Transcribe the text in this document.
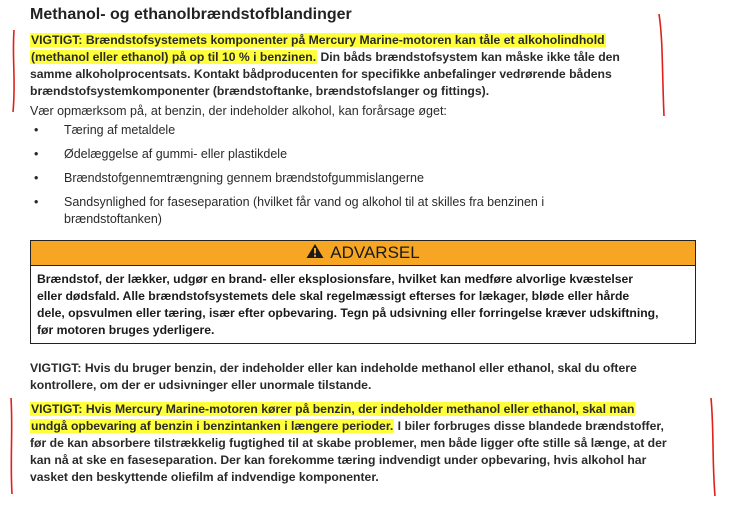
Methanol- og ethanolbrændstofblandinger
VIGTIGT: Brændstofsystemets komponenter på Mercury Marine-motoren kan tåle et alkoholindhold
(methanol eller ethanol) på op til 10 % i benzinen. Din båds brændstofsystem kan måske ikke tåle den
samme alkoholprocentsats. Kontakt bådproducenten for specifikke anbefalinger vedrørende bådens
brændstofsystemkomponenter (brændstoftanke, brændstofslanger og fittings).
Vær opmærksom på, at benzin, der indeholder alkohol, kan forårsage øget:
• Tæring af metaldele
• Ødelæggelse af gummi- eller plastikdele
• Brændstofgennemtrængning gennem brændstofgummislangerne
• Sandsynlighed for faseseparation (hvilket får vand og alkohol til at skilles fra benzinen i
brændstoftanken)
ADVARSEL
Brændstof, der lækker, udgør en brand- eller eksplosionsfare, hvilket kan medføre alvorlige kvæstelser
eller dødsfald. Alle brændstofsystemets dele skal regelmæssigt efterses for lækager, bløde eller hårde
dele, opsvulmen eller tæring, især efter opbevaring. Tegn på udsivning eller forringelse kræver udskiftning,
før motoren bruges yderligere.
VIGTIGT: Hvis du bruger benzin, der indeholder eller kan indeholde methanol eller ethanol, skal du oftere
kontrollere, om der er udsivninger eller unormale tilstande.
VIGTIGT: Hvis Mercury Marine-motoren kører på benzin, der indeholder methanol eller ethanol, skal man
undgå opbevaring af benzin i benzintanken i længere perioder. I biler forbruges disse blandede brændstoffer,
før de kan absorbere tilstrækkelig fugtighed til at skabe problemer, men både ligger ofte stille så længe, at der
kan nå at ske en faseseparation. Der kan forekomme tæring indvendigt under opbevaring, hvis alkohol har
vasket den beskyttende oliefilm af indvendige komponenter.
